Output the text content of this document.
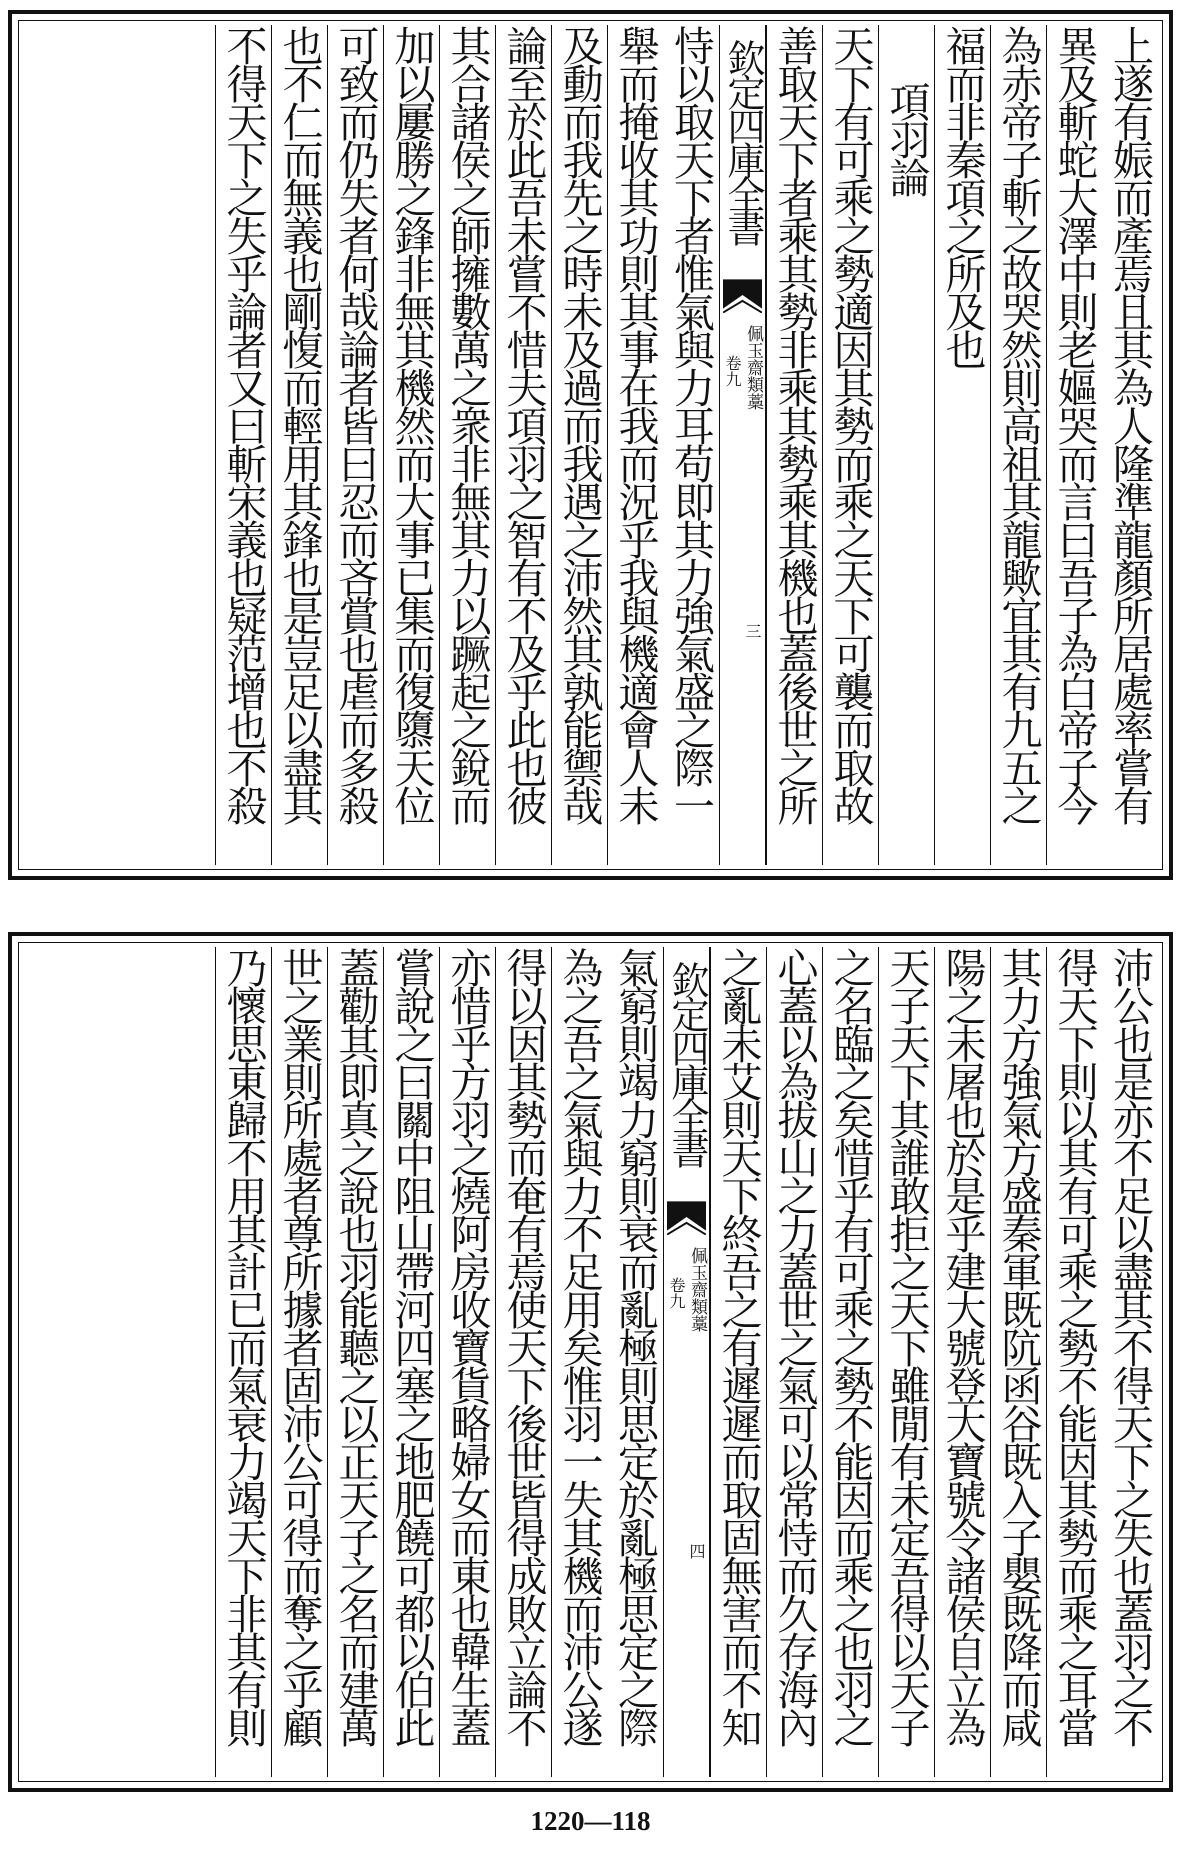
上遂有娠而產焉且其為人隆準龍顏所居處率嘗有
異及斬蛇大澤中則老嫗哭而言曰吾子為白帝子今
為赤帝子斬之故哭然則高祖其龍歟宜其有九五之
福而非秦項之所及也
項羽論
天下有可乘之勢適因其勢而乘之天下可襲而取故
善取天下者乘其勢非乘其勢乘其機也蓋後世之所
欽定四庫全書
佩玉齋類藁
卷九
三
恃以取天下者惟氣與力耳苟即其力強氣盛之際一
舉而掩收其功則其事在我而況乎我與機適會人未
及動而我先之時未及過而我遇之沛然其孰能禦哉
論至於此吾未嘗不惜夫項羽之智有不及乎此也彼
其合諸侯之師擁數萬之衆非無其力以蹶起之銳而
加以屢勝之鋒非無其機然而大事已集而復隳天位
可致而仍失者何哉論者皆曰忍而吝賞也虐而多殺
也不仁而無義也剛愎而輕用其鋒也是豈足以盡其
不得天下之失乎論者又曰斬宋義也疑范增也不殺
沛公也是亦不足以盡其不得天下之失也蓋羽之不
得天下則以其有可乘之勢不能因其勢而乘之耳當
其力方強氣方盛秦軍既阬函谷既入子嬰既降而咸
陽之未屠也於是乎建大號登大寶號令諸侯自立為
天子天下其誰敢拒之天下雖閒有未定吾得以天子
之名臨之矣惜乎有可乘之勢不能因而乘之也羽之
心蓋以為拔山之力蓋世之氣可以常恃而久存海內
之亂未艾則天下終吾之有遲遲而取固無害而不知
欽定四庫全書
佩玉齋類藁
卷九
四
氣窮則竭力窮則衰而亂極則思定於亂極思定之際
為之吾之氣與力不足用矣惟羽一失其機而沛公遂
得以因其勢而奄有焉使天下後世皆得成敗立論不
亦惜乎方羽之燒阿房收寶貨略婦女而東也韓生蓋
嘗說之曰關中阻山帶河四塞之地肥饒可都以伯此
蓋勸其即真之說也羽能聽之以正天子之名而建萬
世之業則所處者尊所據者固沛公可得而奪之乎顧
乃懷思東歸不用其計已而氣衰力竭天下非其有則
1220—118
